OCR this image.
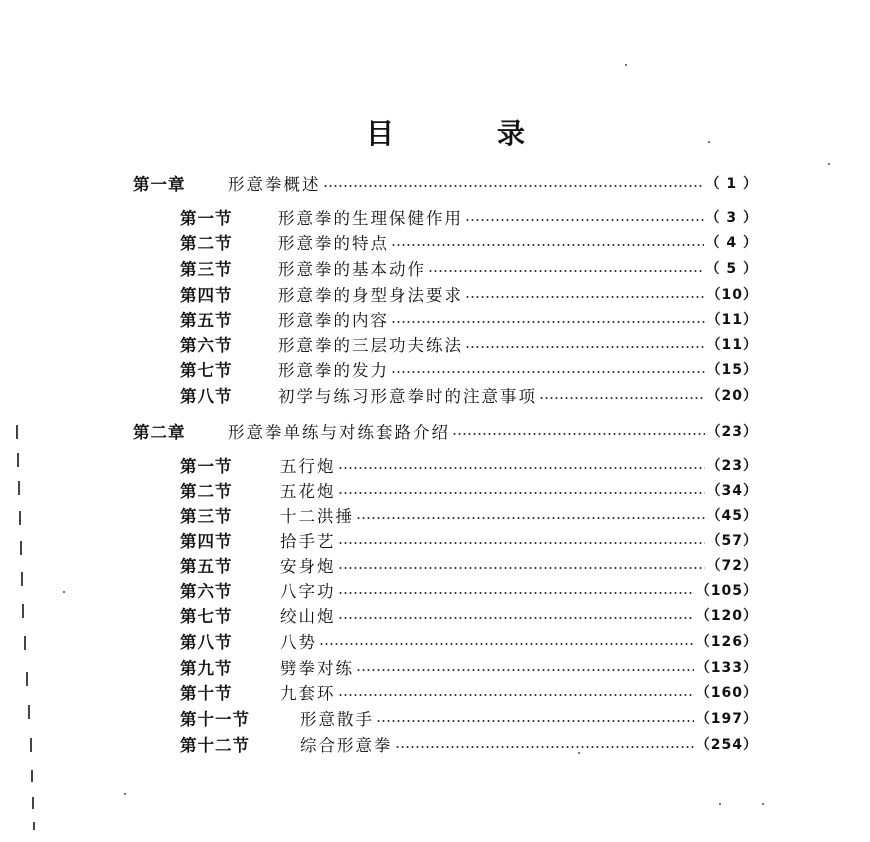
目	录
第一章	形意拳概述	（ 1 ）
第一节	形意拳的生理保健作用	（ 3 ）
第二节	形意拳的特点	（ 4 ）
第三节	形意拳的基本动作	（ 5 ）
第四节	形意拳的身型身法要求	（10）
第五节	形意拳的内容	（11）
第六节	形意拳的三层功夫练法	（11）
第七节	形意拳的发力	（15）
第八节	初学与练习形意拳时的注意事项	（20）
第二章	形意拳单练与对练套路介绍	（23）
第一节	五行炮	（23）
第二节	五花炮	（34）
第三节	十二洪捶	（45）
第四节	拾手艺	（57）
第五节	安身炮	（72）
第六节	八字功	（105）
第七节	绞山炮	（120）
第八节	八势	（126）
第九节	劈拳对练	（133）
第十节	九套环	（160）
第十一节	形意散手	（197）
第十二节	综合形意拳	（254）
